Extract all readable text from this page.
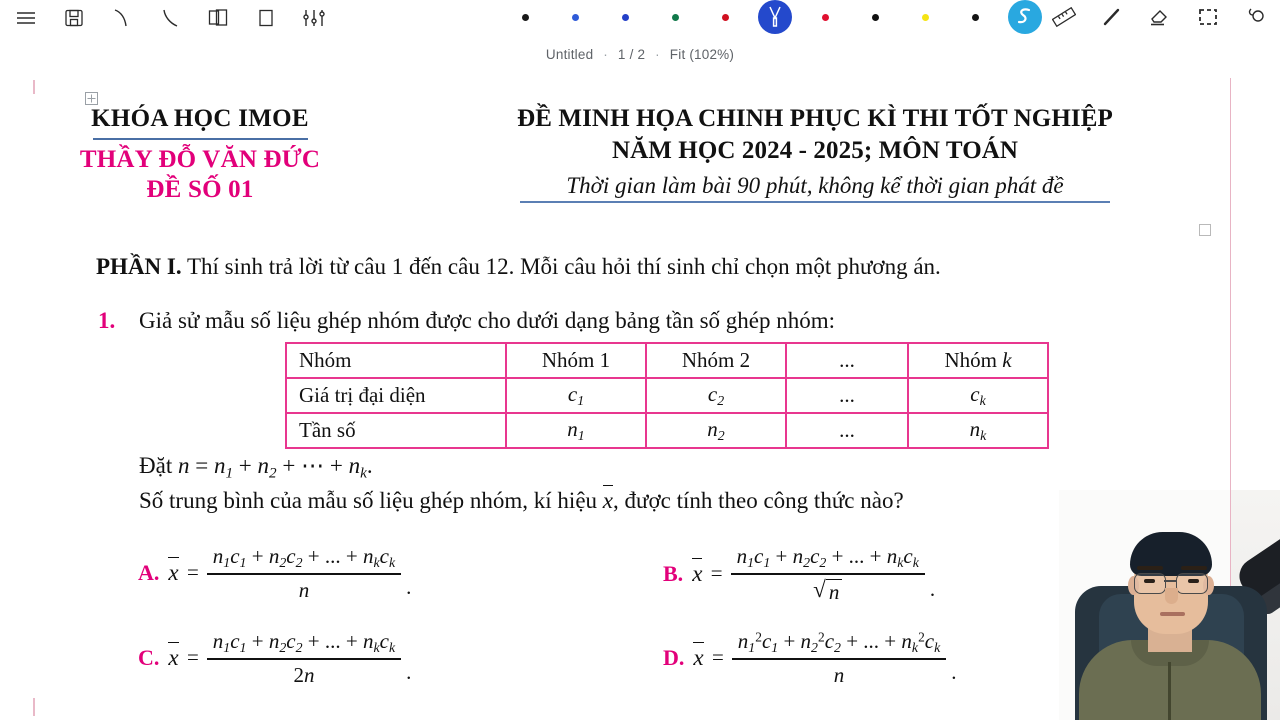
Untitled · 1 / 2 · Fit (102%)
KHÓA HỌC IMOE
THẦY ĐỖ VĂN ĐỨC
ĐỀ SỐ 01
ĐỀ MINH HỌA CHINH PHỤC KÌ THI TỐT NGHIỆP
NĂM HỌC 2024 - 2025; MÔN TOÁN
Thời gian làm bài 90 phút, không kể thời gian phát đề
PHẦN I. Thí sinh trả lời từ câu 1 đến câu 12. Mỗi câu hỏi thí sinh chỉ chọn một phương án.
1. Giả sử mẫu số liệu ghép nhóm được cho dưới dạng bảng tần số ghép nhóm:
Nhóm	Nhóm 1	Nhóm 2	...	Nhóm k
Giá trị đại diện	$c_1$	$c_2$	...	$c_k$
Tần số	$n_1$	$n_2$	...	$n_k$
Đặt $n = n_1 + n_2$ + ⋯ + $n_k$.
Số trung bình của mẫu số liệu ghép nhóm, kí hiệu x, được tính theo công thức nào?
A. $x = \frac{n_1c_1 + n_2c_2 + ... + n_kc_k}{n}$ .
B. $x = \frac{n_1c_1 + n_2c_2 + ... + n_kc_k}{√ n}$ .
C. $x = \frac{n_1c_1 + n_2c_2 + ... + n_kc_k}{2n}$ .
D. $x = \frac{n_1^2c_1 + n_2^2c_2 + ... + n_k^2c_k}{n}$ .
